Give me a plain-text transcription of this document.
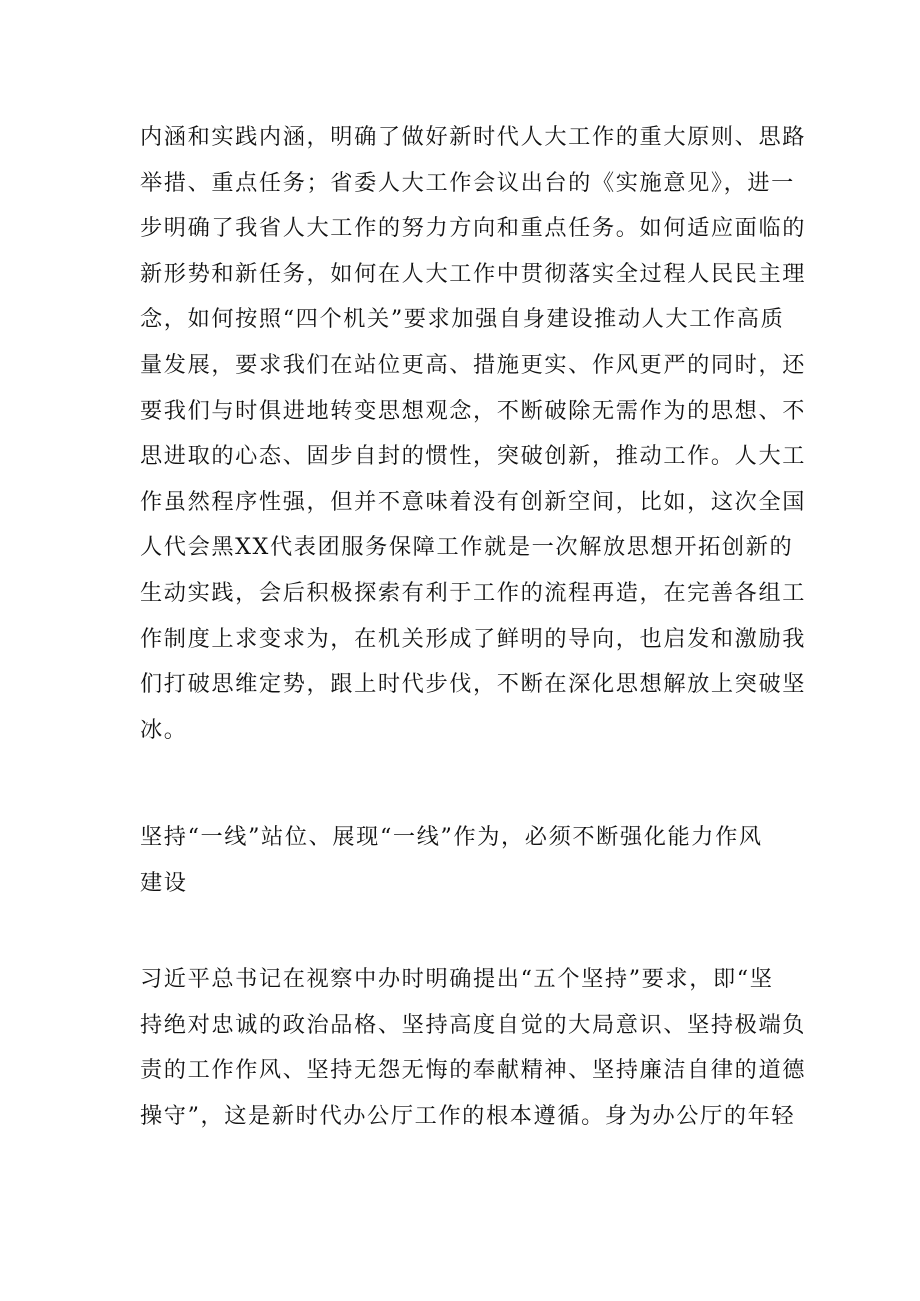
内涵和实践内涵，明确了做好新时代人大工作的重大原则、思路
举措、重点任务；省委人大工作会议出台的《实施意见》，进一
步明确了我省人大工作的努力方向和重点任务。如何适应面临的
新形势和新任务，如何在人大工作中贯彻落实全过程人民民主理
念，如何按照“四个机关”要求加强自身建设推动人大工作高质
量发展，要求我们在站位更高、措施更实、作风更严的同时，还
要我们与时俱进地转变思想观念，不断破除无需作为的思想、不
思进取的心态、固步自封的惯性，突破创新，推动工作。人大工
作虽然程序性强，但并不意味着没有创新空间，比如，这次全国
人代会黑XX代表团服务保障工作就是一次解放思想开拓创新的
生动实践，会后积极探索有利于工作的流程再造，在完善各组工
作制度上求变求为，在机关形成了鲜明的导向，也启发和激励我
们打破思维定势，跟上时代步伐，不断在深化思想解放上突破坚
冰。
坚持“一线”站位、展现“一线”作为，必须不断强化能力作风
建设
习近平总书记在视察中办时明确提出“五个坚持”要求，即“坚
持绝对忠诚的政治品格、坚持高度自觉的大局意识、坚持极端负
责的工作作风、坚持无怨无悔的奉献精神、坚持廉洁自律的道德
操守”，这是新时代办公厅工作的根本遵循。身为办公厅的年轻
